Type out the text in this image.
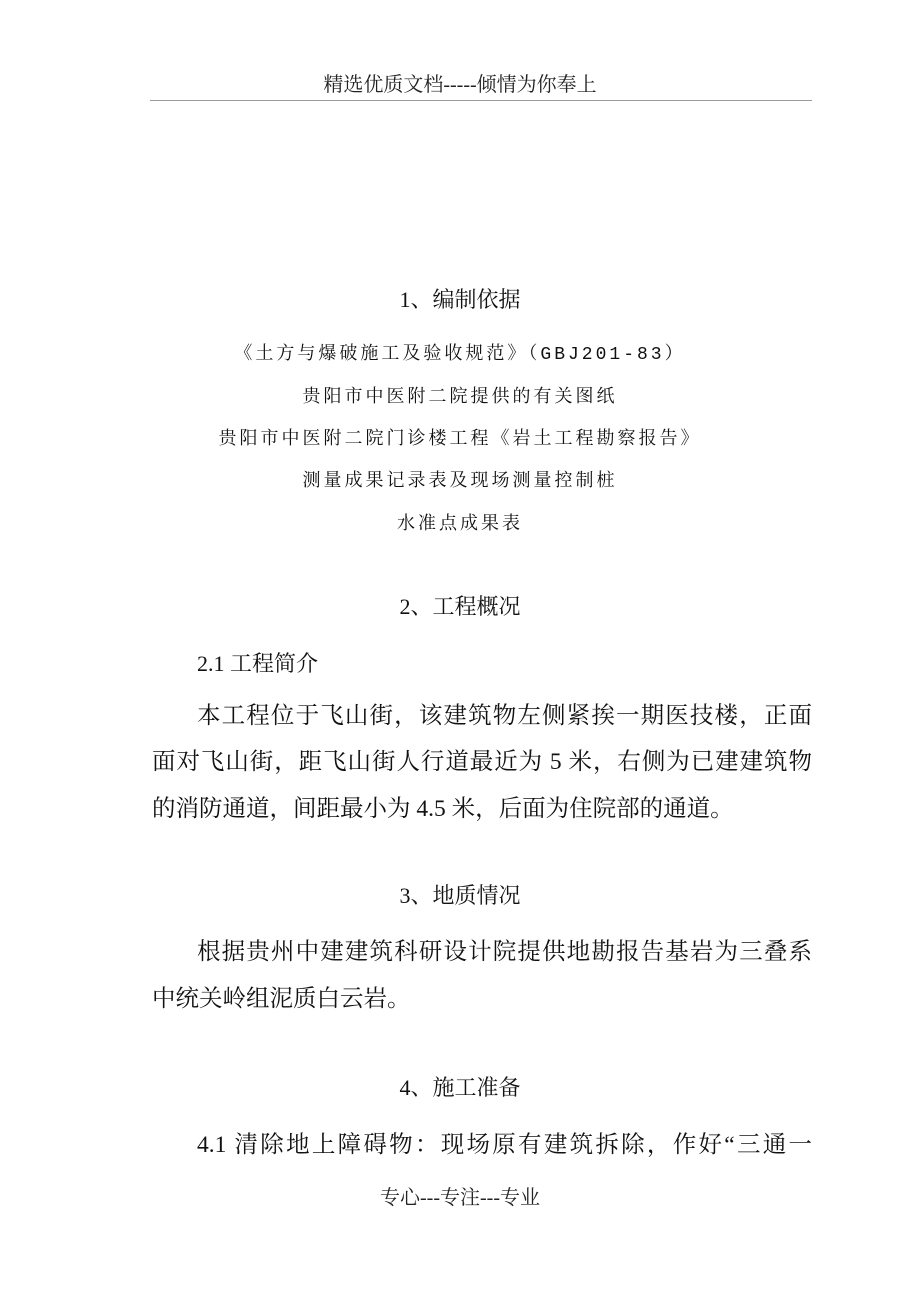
精选优质文档-----倾情为你奉上
1、编制依据
《土方与爆破施工及验收规范》（GBJ201-83）
贵阳市中医附二院提供的有关图纸
贵阳市中医附二院门诊楼工程《岩土工程勘察报告》
测量成果记录表及现场测量控制桩
水准点成果表
2、工程概况
2.1 工程简介
本工程位于飞山街，该建筑物左侧紧挨一期医技楼，正面
面对飞山街，距飞山街人行道最近为 5 米，右侧为已建建筑物
的消防通道，间距最小为 4.5 米，后面为住院部的通道。
3、地质情况
根据贵州中建建筑科研设计院提供地勘报告基岩为三叠系
中统关岭组泥质白云岩。
4、施工准备
4.1 清除地上障碍物：现场原有建筑拆除，作好“三通一
专心---专注---专业
